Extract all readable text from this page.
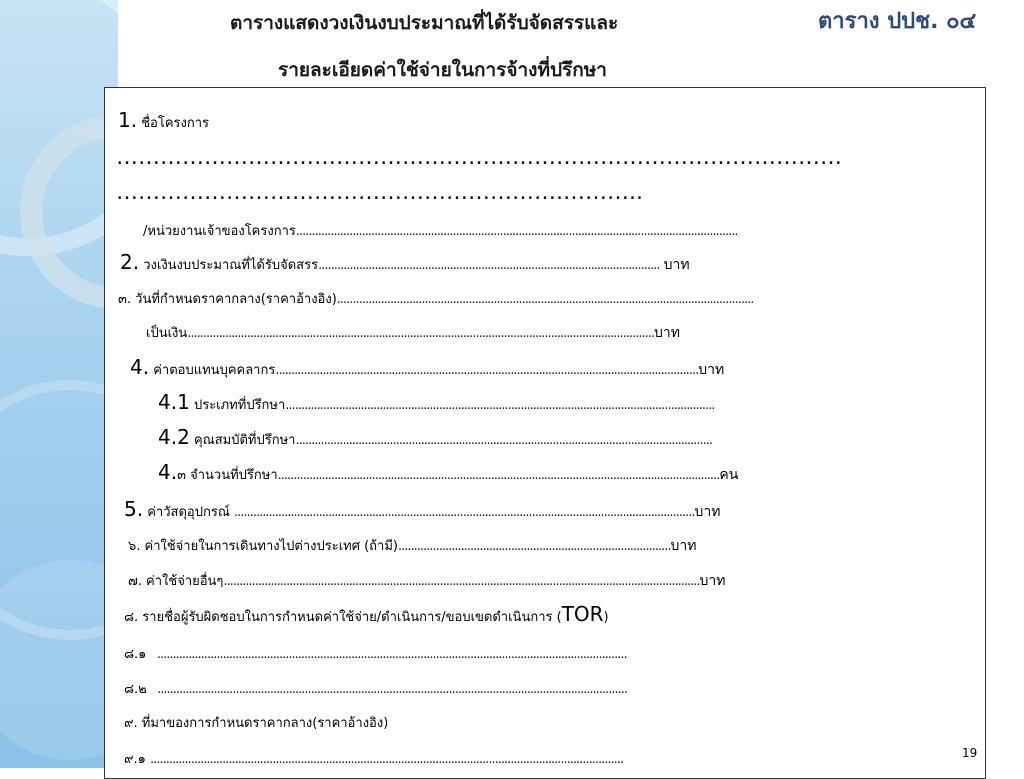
ตารางแสดงวงเงินงบประมาณที่ได้รับจัดสรรและ
รายละเอียดค่าใช้จ่ายในการจ้างที่ปรึกษา
ตาราง ปปช. ๐๔
1. ชื่อโครงการ
………………………………………………………………………………………
…………………………………………………….………..
/หน่วยงานเจ้าของโครงการ.............................................................................................................................................
2. วงเงินงบประมาณที่ได้รับจัดสรร............................................................................................................. บาท
๓. วันที่กำหนดราคากลาง(ราคาอ้างอิง).....................................................................................................................................
เป็นเงิน.....................................................................................................................................................บาท
4. ค่าตอบแทนบุคคลากร.......................................................................................................................................บาท
4.1 ประเภทที่ปรึกษา.........................................................................................................................................
4.2 คุณสมบัติที่ปรึกษา.....................................................................................................................................
4.๓ จำนวนที่ปรึกษา.............................................................................................................................................คน
5. ค่าวัสดุอุปกรณ์ ...................................................................................................................................................บาท
๖. ค่าใช้จ่ายในการเดินทางไปต่างประเทศ (ถ้ามี).......................................................................................บาท
๗. ค่าใช้จ่ายอื่นๆ........................................................................................................................................................บาท
๘. รายชื่อผู้รับผิดชอบในการกำหนดค่าใช้จ่าย/ดำเนินการ/ขอบเขตดำเนินการ (TOR)
๘.๑   ......................................................................................................................................................
๘.๒   ......................................................................................................................................................
๙. ที่มาของการกำหนดราคากลาง(ราคาอ้างอิง)
๙.๑ .......................................................................................................................................................	19
